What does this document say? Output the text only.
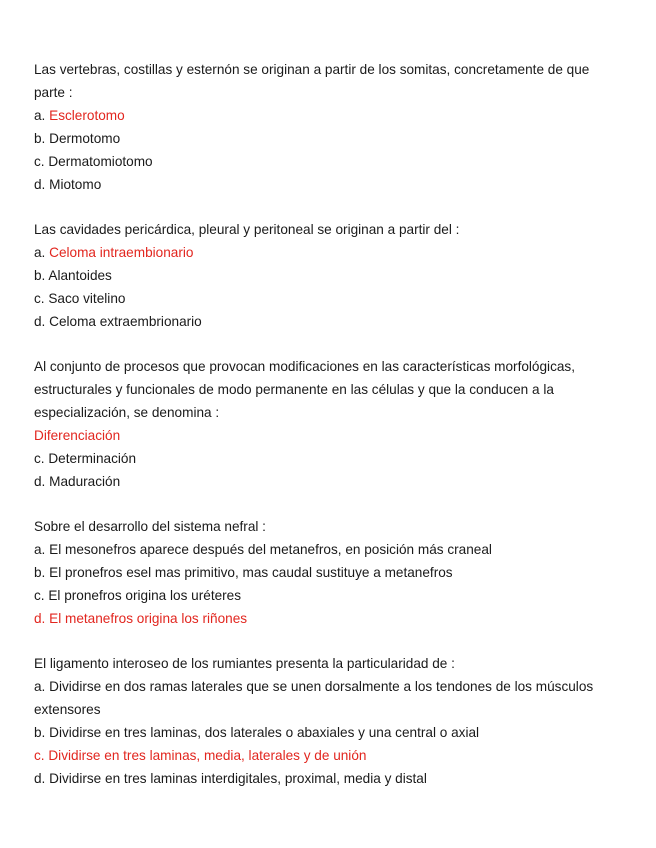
Las vertebras, costillas y esternón se originan a partir de los somitas, concretamente de que parte :

a. Esclerotomo

b. Dermotomo

c. Dermatomiotomo

d. Miotomo

Las cavidades pericárdica, pleural y peritoneal se originan a partir del :

a. Celoma intraembionario

b. Alantoides

c. Saco vitelino

d. Celoma extraembrionario

Al conjunto de procesos que provocan modificaciones en las características morfológicas, estructurales y funcionales de modo permanente en las células y que la conducen a la especialización, se denomina :

Diferenciación

c. Determinación

d. Maduración

Sobre el desarrollo del sistema nefral :

a. El mesonefros aparece después del metanefros, en posición más craneal

b. El pronefros esel mas primitivo, mas caudal sustituye a metanefros

c. El pronefros origina los uréteres

d. El metanefros origina los riñones

El ligamento interoseo de los rumiantes presenta la particularidad de :

a. Dividirse en dos ramas laterales que se unen dorsalmente a los tendones de los músculos extensores

b. Dividirse en tres laminas, dos laterales o abaxiales y una central o axial

c. Dividirse en tres laminas, media, laterales y de unión

d. Dividirse en tres laminas interdigitales, proximal, media y distal
